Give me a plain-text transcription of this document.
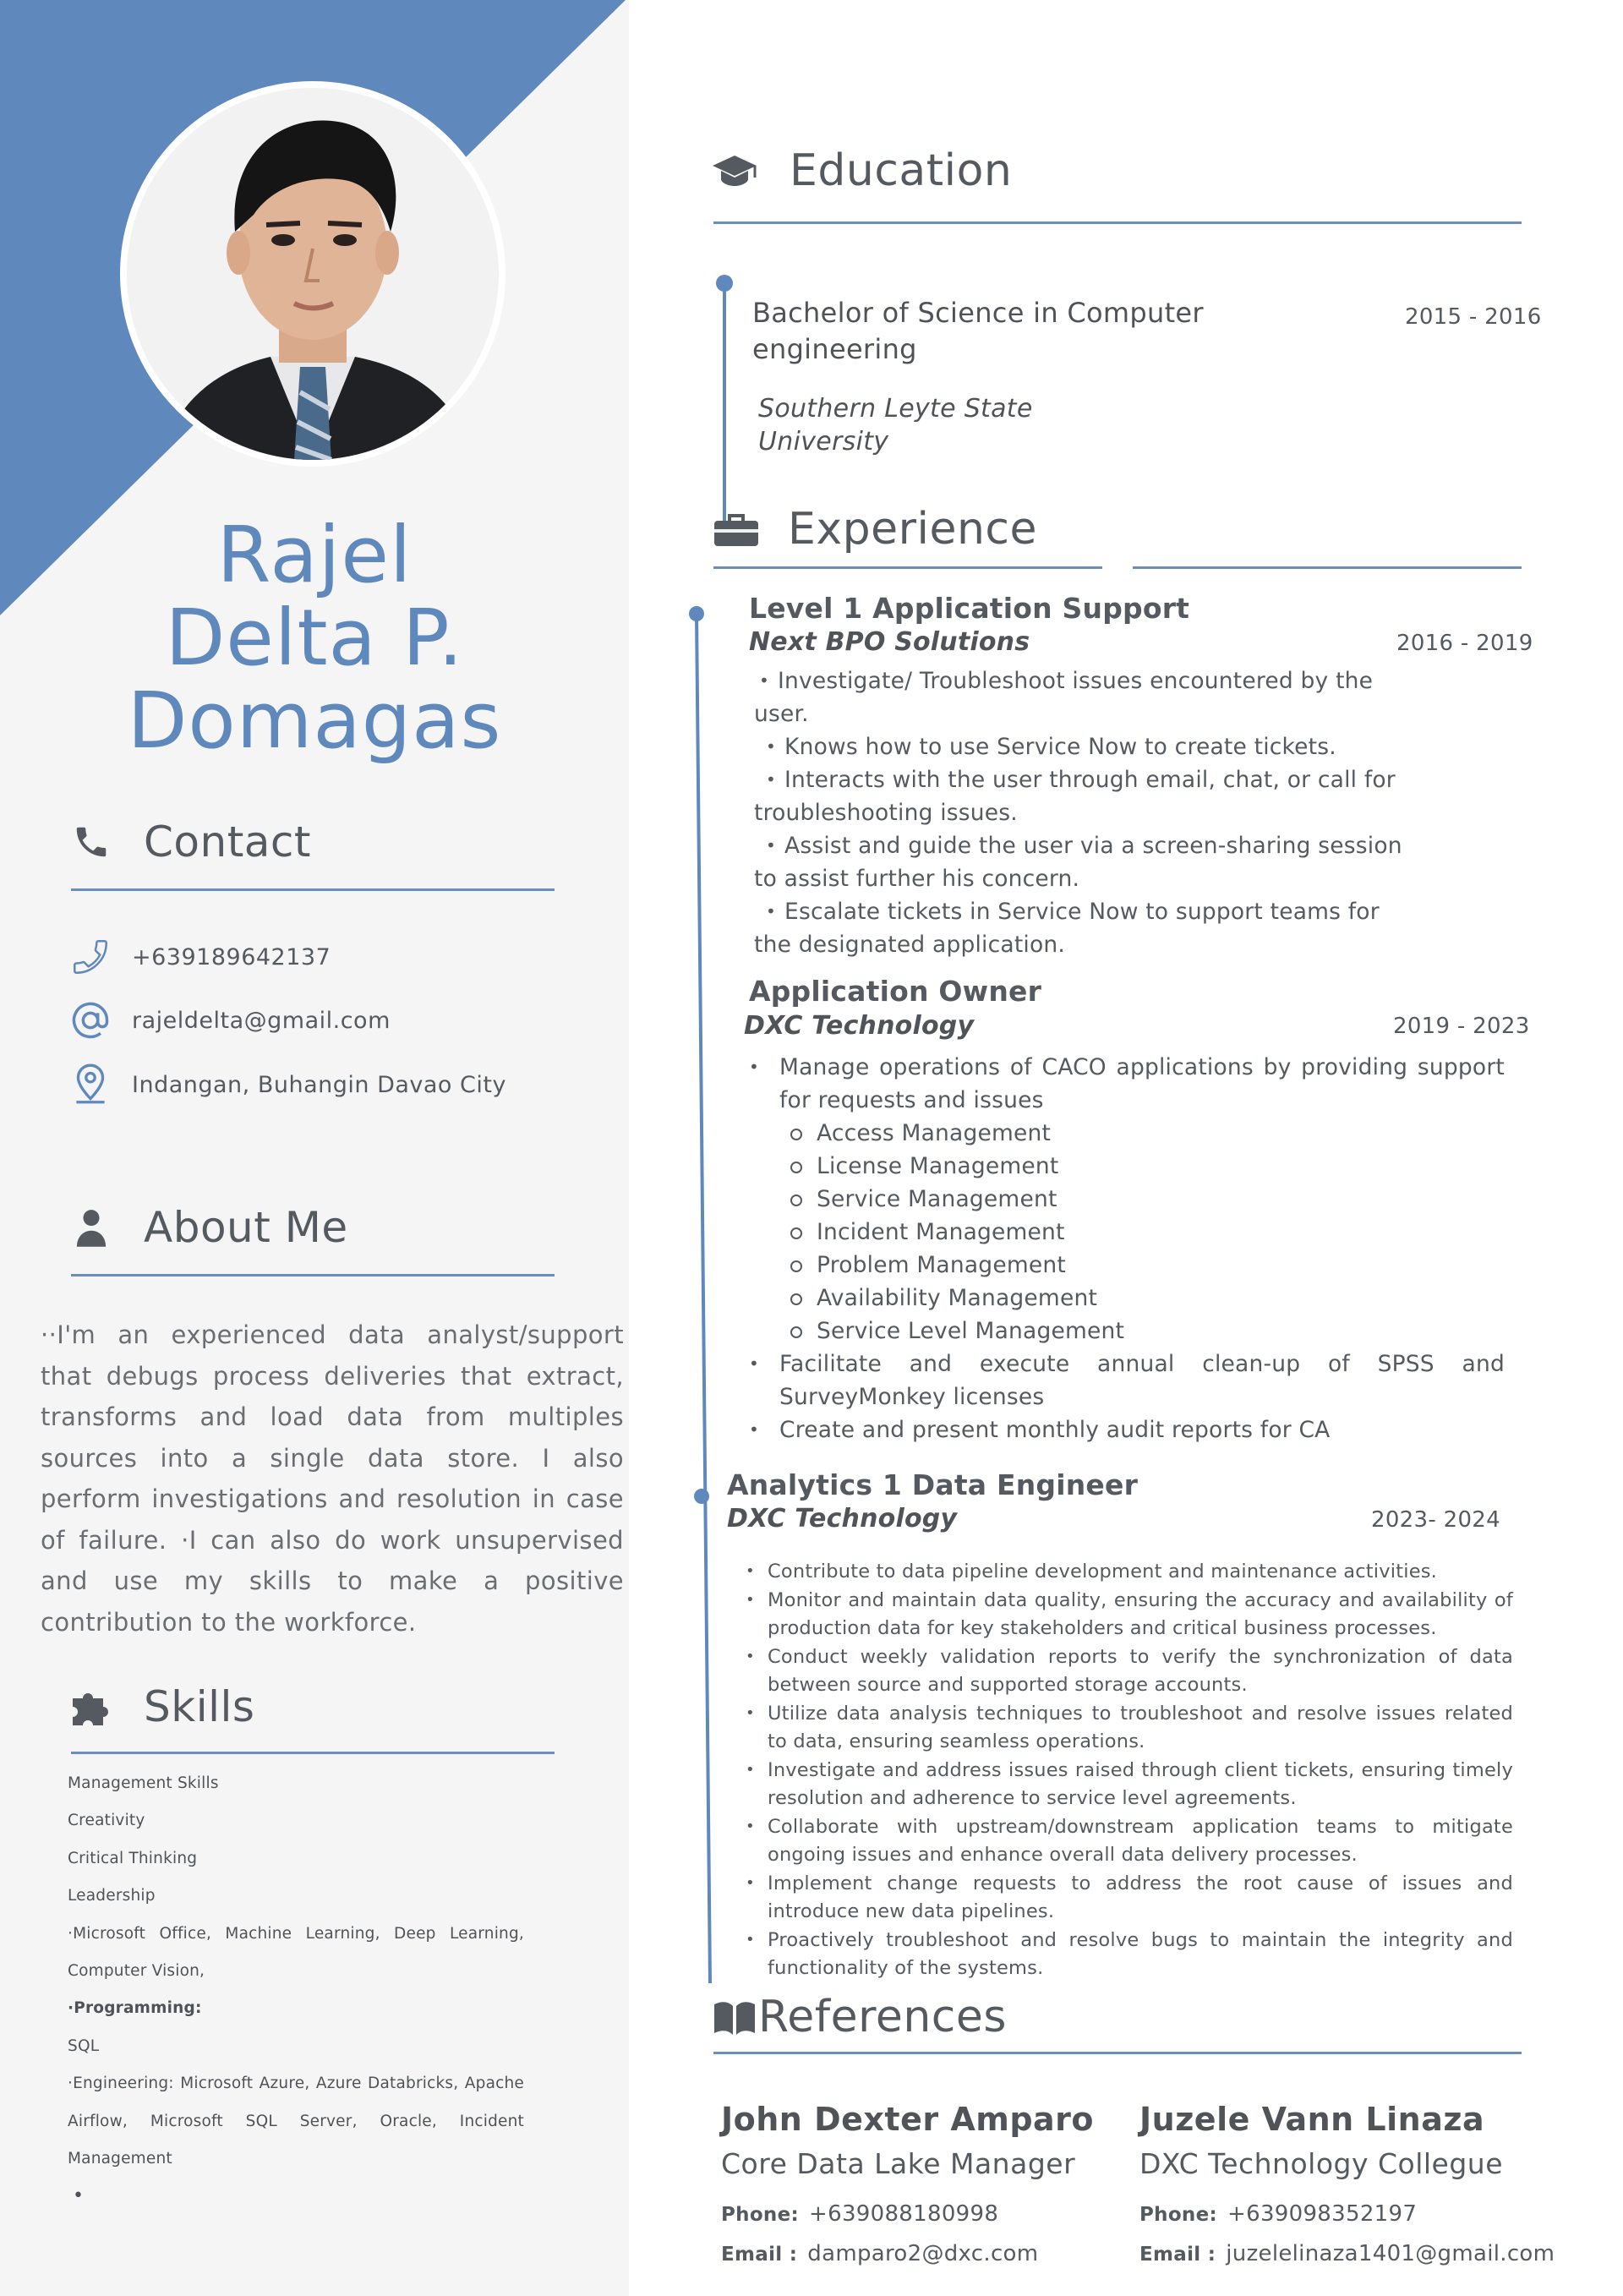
Rajel
Delta P.
Domagas
Contact
+639189642137
rajeldelta@gmail.com
Indangan, Buhangin Davao City
About Me
··I'm an experienced data analyst/support that debugs process deliveries that extract, transforms and load data from multiples sources into a single data store. I also perform investigations and resolution in case of failure. ·I can also do work unsupervised and use my skills to make a positive contribution to the workforce.
Skills
Management Skills
Creativity
Critical Thinking
Leadership
·Microsoft Office, Machine Learning, Deep Learning, Computer Vision,
·Programming:
SQL
·Engineering: Microsoft Azure, Azure Databricks, Apache Airflow, Microsoft SQL Server, Oracle, Incident Management
•
Education
Bachelor of Science in Computer
engineering
2015 - 2016
Southern Leyte State
University
Experience
Level 1 Application Support
Next BPO Solutions	2016 - 2019
• Investigate/ Troubleshoot issues encountered by the
user.
• Knows how to use Service Now to create tickets.
• Interacts with the user through email, chat, or call for
troubleshooting issues.
• Assist and guide the user via a screen-sharing session
to assist further his concern.
• Escalate tickets in Service Now to support teams for
the designated application.
Application Owner
DXC Technology	2019 - 2023
• Manage operations of CACO applications by providing support for requests and issues
Access Management
License Management
Service Management
Incident Management
Problem Management
Availability Management
Service Level Management
• Facilitate and execute annual clean-up of SPSS and SurveyMonkey licenses
• Create and present monthly audit reports for CA
Analytics 1 Data Engineer
DXC Technology	2023- 2024
• Contribute to data pipeline development and maintenance activities.
• Monitor and maintain data quality, ensuring the accuracy and availability of production data for key stakeholders and critical business processes.
• Conduct weekly validation reports to verify the synchronization of data between source and supported storage accounts.
• Utilize data analysis techniques to troubleshoot and resolve issues related to data, ensuring seamless operations.
• Investigate and address issues raised through client tickets, ensuring timely resolution and adherence to service level agreements.
• Collaborate with upstream/downstream application teams to mitigate ongoing issues and enhance overall data delivery processes.
• Implement change requests to address the root cause of issues and introduce new data pipelines.
• Proactively troubleshoot and resolve bugs to maintain the integrity and functionality of the systems.
References
John Dexter Amparo
Core Data Lake Manager
Phone: +639088180998
Email : damparo2@dxc.com
Juzele Vann Linaza
DXC Technology Collegue
Phone: +639098352197
Email : juzelelinaza1401@gmail.com
